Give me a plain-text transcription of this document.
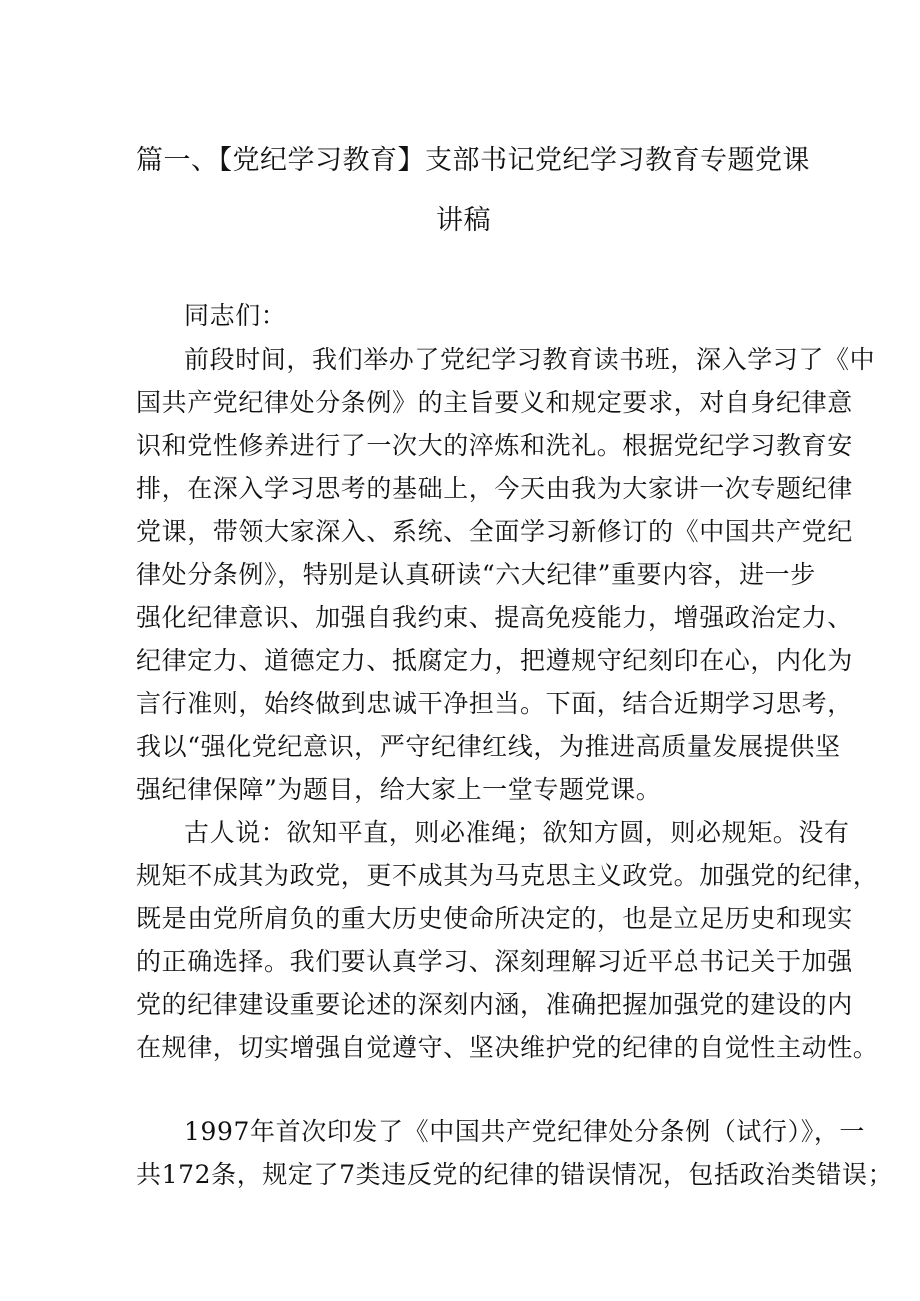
篇一、【党纪学习教育】支部书记党纪学习教育专题党课
讲稿
同志们：
前段时间，我们举办了党纪学习教育读书班，深入学习了《中
国共产党纪律处分条例》的主旨要义和规定要求，对自身纪律意
识和党性修养进行了一次大的淬炼和洗礼。根据党纪学习教育安
排，在深入学习思考的基础上，今天由我为大家讲一次专题纪律
党课，带领大家深入、系统、全面学习新修订的《中国共产党纪
律处分条例》，特别是认真研读“六大纪律”重要内容，进一步
强化纪律意识、加强自我约束、提高免疫能力，增强政治定力、
纪律定力、道德定力、抵腐定力，把遵规守纪刻印在心，内化为
言行准则，始终做到忠诚干净担当。下面，结合近期学习思考，
我以“强化党纪意识，严守纪律红线，为推进高质量发展提供坚
强纪律保障”为题目，给大家上一堂专题党课。
古人说：欲知平直，则必准绳；欲知方圆，则必规矩。没有
规矩不成其为政党，更不成其为马克思主义政党。加强党的纪律，
既是由党所肩负的重大历史使命所决定的，也是立足历史和现实
的正确选择。我们要认真学习、深刻理解习近平总书记关于加强
党的纪律建设重要论述的深刻内涵，准确把握加强党的建设的内
在规律，切实增强自觉遵守、坚决维护党的纪律的自觉性主动性。
1997年首次印发了《中国共产党纪律处分条例（试行）》，一
共172条，规定了7类违反党的纪律的错误情况，包括政治类错误；
